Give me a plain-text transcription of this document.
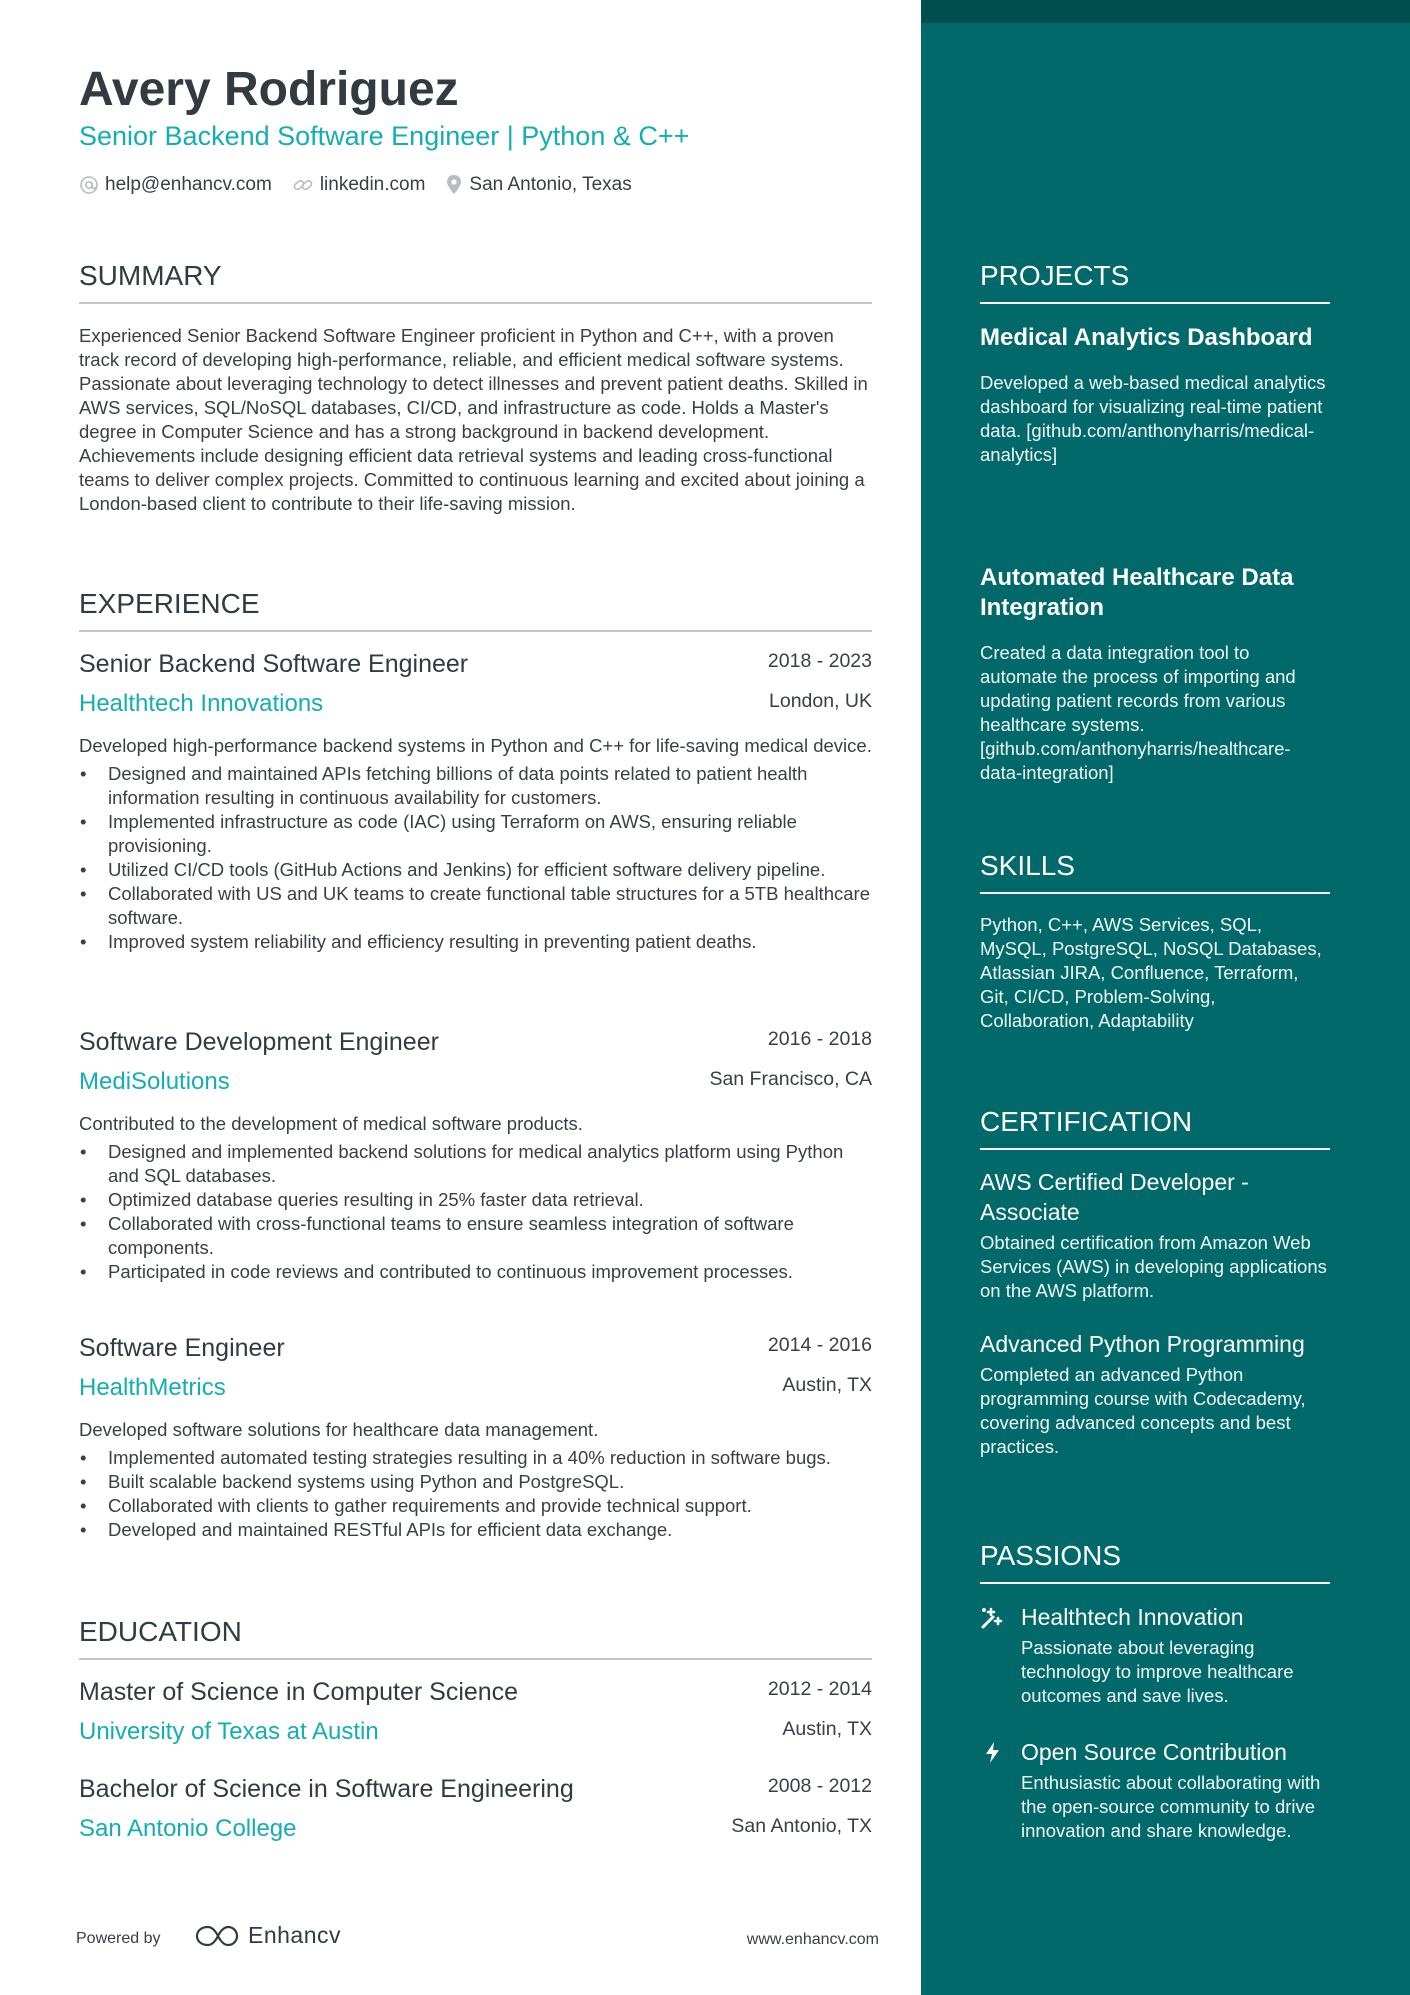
Avery Rodriguez
Senior Backend Software Engineer | Python & C++
help@enhancv.com	linkedin.com San Antonio, Texas
SUMMARY
Experienced Senior Backend Software Engineer proficient in Python and C++, with a proven track record of developing high-performance, reliable, and efficient medical software systems. Passionate about leveraging technology to detect illnesses and prevent patient deaths. Skilled in AWS services, SQL/NoSQL databases, CI/CD, and infrastructure as code. Holds a Master's degree in Computer Science and has a strong background in backend development. Achievements include designing efficient data retrieval systems and leading cross-functional teams to deliver complex projects. Committed to continuous learning and excited about joining a London-based client to contribute to their life-saving mission.
EXPERIENCE
Senior Backend Software Engineer	2018 - 2023
Healthtech Innovations	London, UK
Developed high-performance backend systems in Python and C++ for life-saving medical device.
• Designed and maintained APIs fetching billions of data points related to patient health information resulting in continuous availability for customers.
• Implemented infrastructure as code (IAC) using Terraform on AWS, ensuring reliable provisioning.
• Utilized CI/CD tools (GitHub Actions and Jenkins) for efficient software delivery pipeline.
• Collaborated with US and UK teams to create functional table structures for a 5TB healthcare software.
• Improved system reliability and efficiency resulting in preventing patient deaths.
Software Development Engineer	2016 - 2018
MediSolutions	San Francisco, CA
Contributed to the development of medical software products.
• Designed and implemented backend solutions for medical analytics platform using Python and SQL databases.
• Optimized database queries resulting in 25% faster data retrieval.
• Collaborated with cross-functional teams to ensure seamless integration of software components.
• Participated in code reviews and contributed to continuous improvement processes.
Software Engineer	2014 - 2016
HealthMetrics	Austin, TX
Developed software solutions for healthcare data management.
• Implemented automated testing strategies resulting in a 40% reduction in software bugs.
• Built scalable backend systems using Python and PostgreSQL.
• Collaborated with clients to gather requirements and provide technical support.
• Developed and maintained RESTful APIs for efficient data exchange.
EDUCATION
Master of Science in Computer Science	2012 - 2014
University of Texas at Austin	Austin, TX
Bachelor of Science in Software Engineering	2008 - 2012
San Antonio College	San Antonio, TX
Powered by	Enhancv	www.enhancv.com
PROJECTS
Medical Analytics Dashboard
Developed a web-based medical analytics dashboard for visualizing real-time patient data. [github.com/anthonyharris/medical-analytics]
Automated Healthcare Data Integration
Created a data integration tool to automate the process of importing and updating patient records from various healthcare systems. [github.com/anthonyharris/healthcare-data-integration]
SKILLS
Python, C++, AWS Services, SQL, MySQL, PostgreSQL, NoSQL Databases, Atlassian JIRA, Confluence, Terraform, Git, CI/CD, Problem-Solving, Collaboration, Adaptability
CERTIFICATION
AWS Certified Developer - Associate
Obtained certification from Amazon Web Services (AWS) in developing applications on the AWS platform.
Advanced Python Programming
Completed an advanced Python programming course with Codecademy, covering advanced concepts and best practices.
PASSIONS
Healthtech Innovation
Passionate about leveraging technology to improve healthcare outcomes and save lives.
Open Source Contribution
Enthusiastic about collaborating with the open-source community to drive innovation and share knowledge.
